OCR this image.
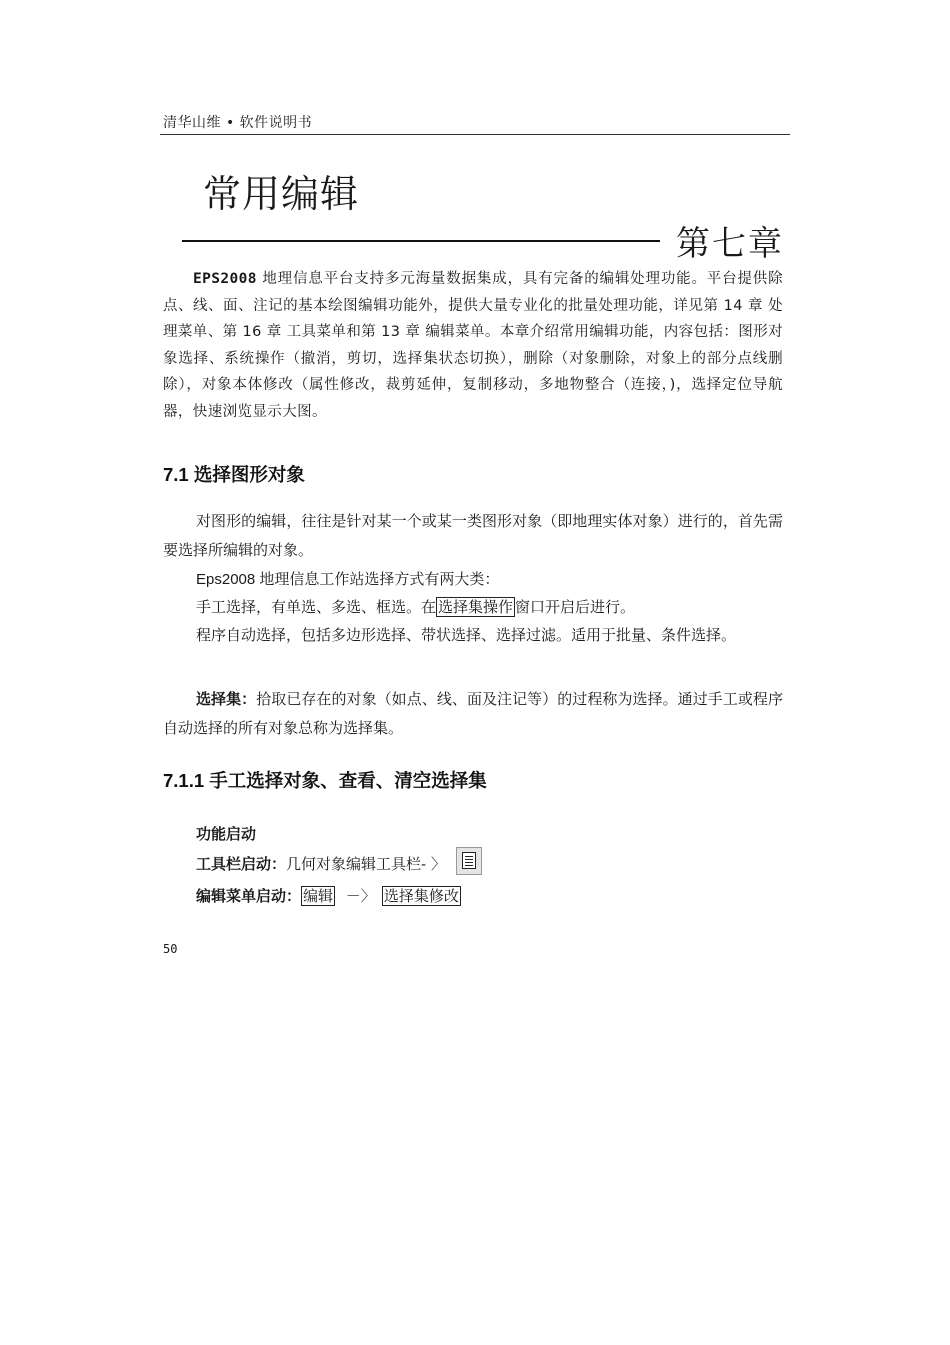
清华山维 • 软件说明书
常用编辑
第七章
EPS2008 地理信息平台支持多元海量数据集成，具有完备的编辑处理功能。平台提供除点、线、面、注记的基本绘图编辑功能外，提供大量专业化的批量处理功能，详见第 14 章 处理菜单、第 16 章 工具菜单和第 13 章 编辑菜单。本章介绍常用编辑功能，内容包括：图形对象选择、系统操作（撤消，剪切，选择集状态切换），删除（对象删除，对象上的部分点线删除），对象本体修改（属性修改，裁剪延伸，复制移动，多地物整合（连接，)，选择定位导航器，快速浏览显示大图。
7.1 选择图形对象
对图形的编辑，往往是针对某一个或某一类图形对象（即地理实体对象）进行的，首先需要选择所编辑的对象。
Eps2008 地理信息工作站选择方式有两大类：
手工选择，有单选、多选、框选。在 选择集操作 窗口开启后进行。
程序自动选择，包括多边形选择、带状选择、选择过滤。适用于批量、条件选择。
选择集：拾取已存在的对象（如点、线、面及注记等）的过程称为选择。通过手工或程序自动选择的所有对象总称为选择集。
7.1.1 手工选择对象、查看、清空选择集
功能启动
工具栏启动：几何对象编辑工具栏- 〉
编辑菜单启动： 编辑 －〉 选择集修改
50
